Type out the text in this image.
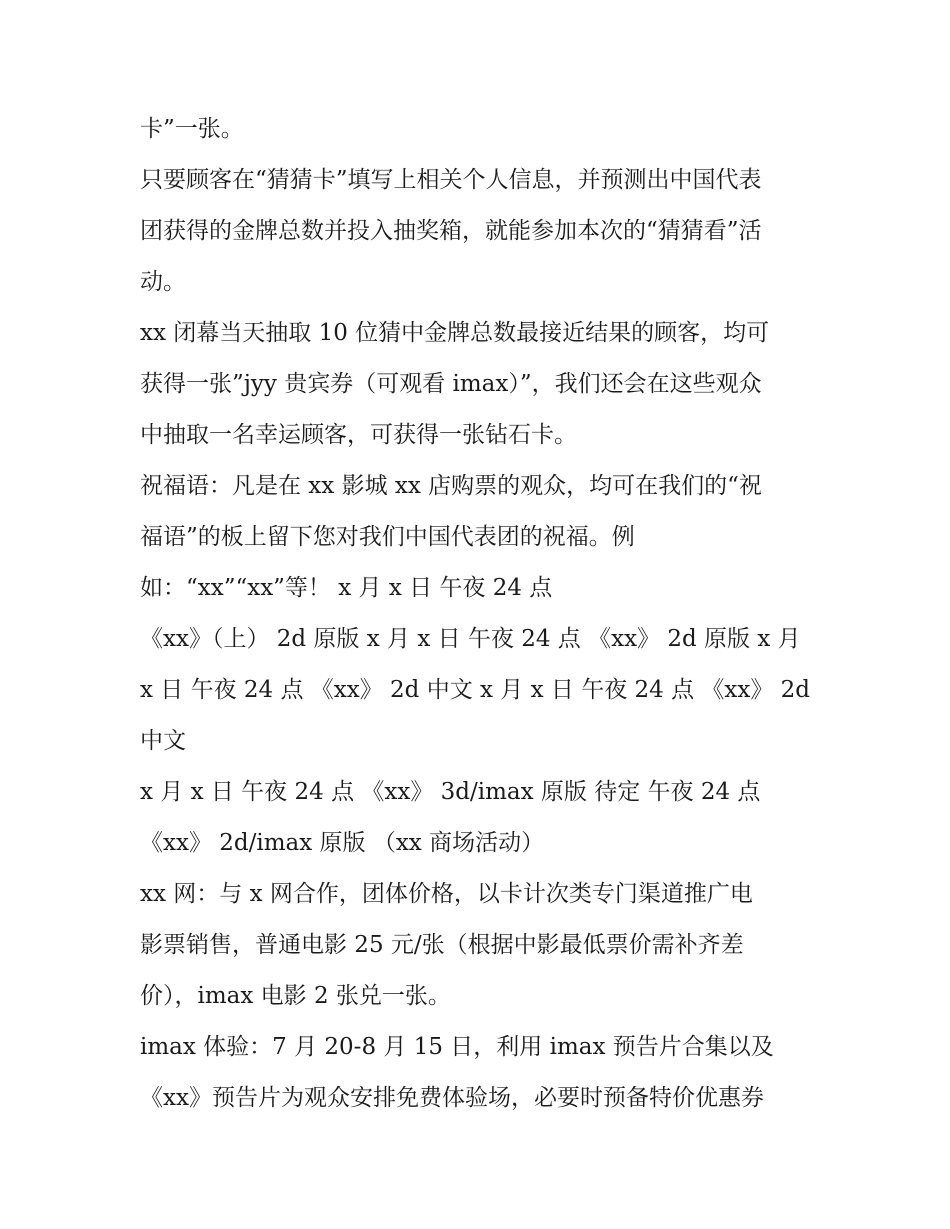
卡”一张。
只要顾客在“猜猜卡”填写上相关个人信息，并预测出中国代表
团获得的金牌总数并投入抽奖箱，就能参加本次的“猜猜看”活
动。
xx 闭幕当天抽取 10 位猜中金牌总数最接近结果的顾客，均可
获得一张”jyy 贵宾券（可观看 imax）”，我们还会在这些观众
中抽取一名幸运顾客，可获得一张钻石卡。
祝福语：凡是在 xx 影城 xx 店购票的观众，均可在我们的“祝
福语”的板上留下您对我们中国代表团的祝福。例
如：“xx”“xx”等！ x 月 x 日 午夜 24 点
《xx》（上） 2d 原版 x 月 x 日 午夜 24 点 《xx》 2d 原版 x 月
x 日 午夜 24 点 《xx》 2d 中文 x 月 x 日 午夜 24 点 《xx》 2d
中文
x 月 x 日 午夜 24 点 《xx》 3d/imax 原版 待定 午夜 24 点
《xx》 2d/imax 原版 （xx 商场活动）
xx 网：与 x 网合作，团体价格，以卡计次类专门渠道推广电
影票销售，普通电影 25 元/张（根据中影最低票价需补齐差
价），imax 电影 2 张兑一张。
imax 体验：7 月 20-8 月 15 日，利用 imax 预告片合集以及
《xx》预告片为观众安排免费体验场，必要时预备特价优惠券
